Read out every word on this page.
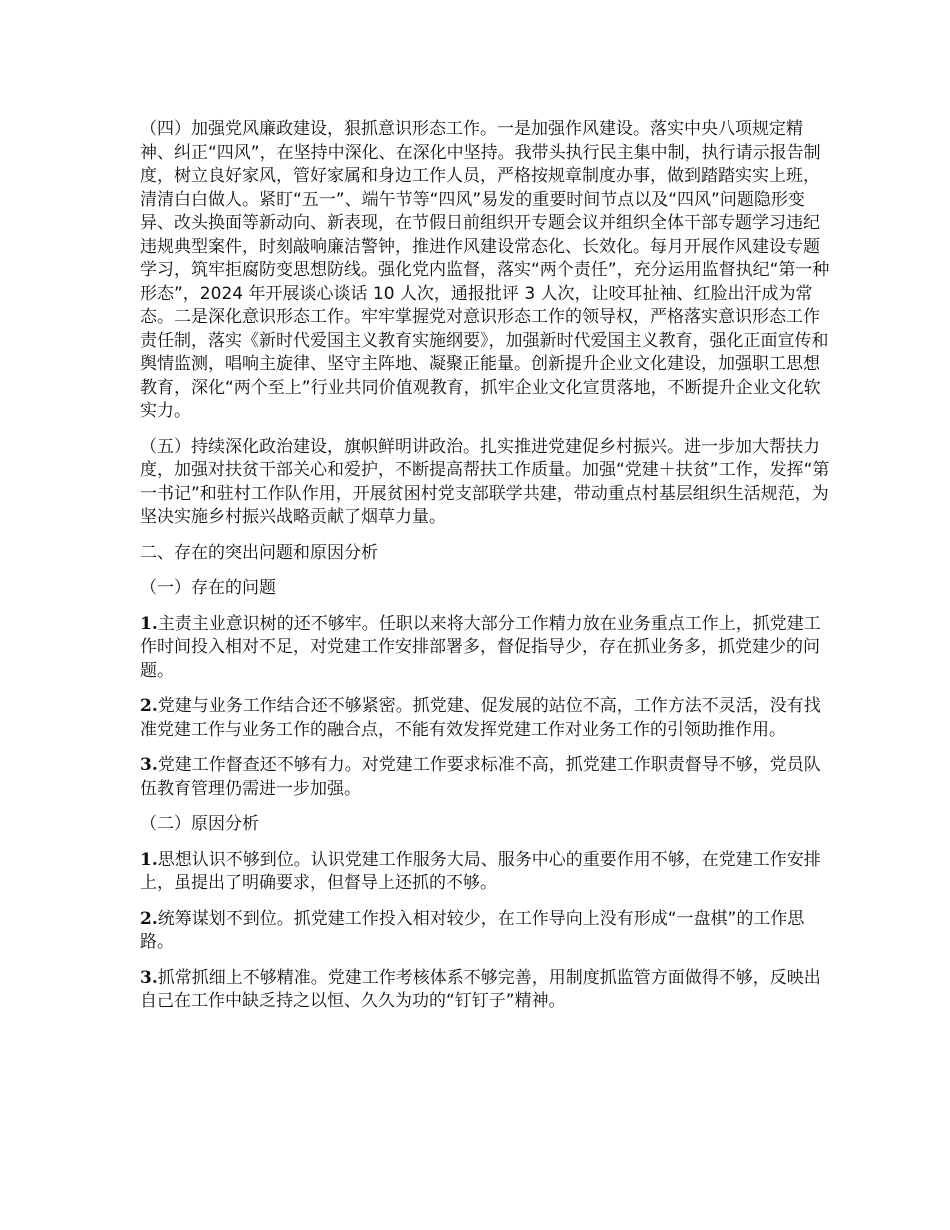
（四）加强党风廉政建设，狠抓意识形态工作。一是加强作风建设。落实中央八项规定精神、纠正“四风”，在坚持中深化、在深化中坚持。我带头执行民主集中制，执行请示报告制度，树立良好家风，管好家属和身边工作人员，严格按规章制度办事，做到踏踏实实上班，清清白白做人。紧盯“五一”、端午节等“四风”易发的重要时间节点以及“四风”问题隐形变异、改头换面等新动向、新表现，在节假日前组织开专题会议并组织全体干部专题学习违纪违规典型案件，时刻敲响廉洁警钟，推进作风建设常态化、长效化。每月开展作风建设专题学习，筑牢拒腐防变思想防线。强化党内监督，落实“两个责任”，充分运用监督执纪“第一种形态”，2024 年开展谈心谈话 10 人次，通报批评 3 人次，让咬耳扯袖、红脸出汗成为常态。二是深化意识形态工作。牢牢掌握党对意识形态工作的领导权，严格落实意识形态工作责任制，落实《新时代爱国主义教育实施纲要》，加强新时代爱国主义教育，强化正面宣传和舆情监测，唱响主旋律、坚守主阵地、凝聚正能量。创新提升企业文化建设，加强职工思想教育，深化“两个至上”行业共同价值观教育，抓牢企业文化宣贯落地，不断提升企业文化软实力。

（五）持续深化政治建设，旗帜鲜明讲政治。扎实推进党建促乡村振兴。进一步加大帮扶力度，加强对扶贫干部关心和爱护，不断提高帮扶工作质量。加强“党建＋扶贫”工作，发挥“第一书记”和驻村工作队作用，开展贫困村党支部联学共建，带动重点村基层组织生活规范，为坚决实施乡村振兴战略贡献了烟草力量。

二、存在的突出问题和原因分析

（一）存在的问题

1.主责主业意识树的还不够牢。任职以来将大部分工作精力放在业务重点工作上，抓党建工作时间投入相对不足，对党建工作安排部署多，督促指导少，存在抓业务多，抓党建少的问题。

2.党建与业务工作结合还不够紧密。抓党建、促发展的站位不高，工作方法不灵活，没有找准党建工作与业务工作的融合点，不能有效发挥党建工作对业务工作的引领助推作用。

3.党建工作督查还不够有力。对党建工作要求标准不高，抓党建工作职责督导不够，党员队伍教育管理仍需进一步加强。

（二）原因分析

1.思想认识不够到位。认识党建工作服务大局、服务中心的重要作用不够，在党建工作安排上，虽提出了明确要求，但督导上还抓的不够。

2.统筹谋划不到位。抓党建工作投入相对较少，在工作导向上没有形成“一盘棋”的工作思路。

3.抓常抓细上不够精准。党建工作考核体系不够完善，用制度抓监管方面做得不够，反映出自己在工作中缺乏持之以恒、久久为功的“钉钉子”精神。
